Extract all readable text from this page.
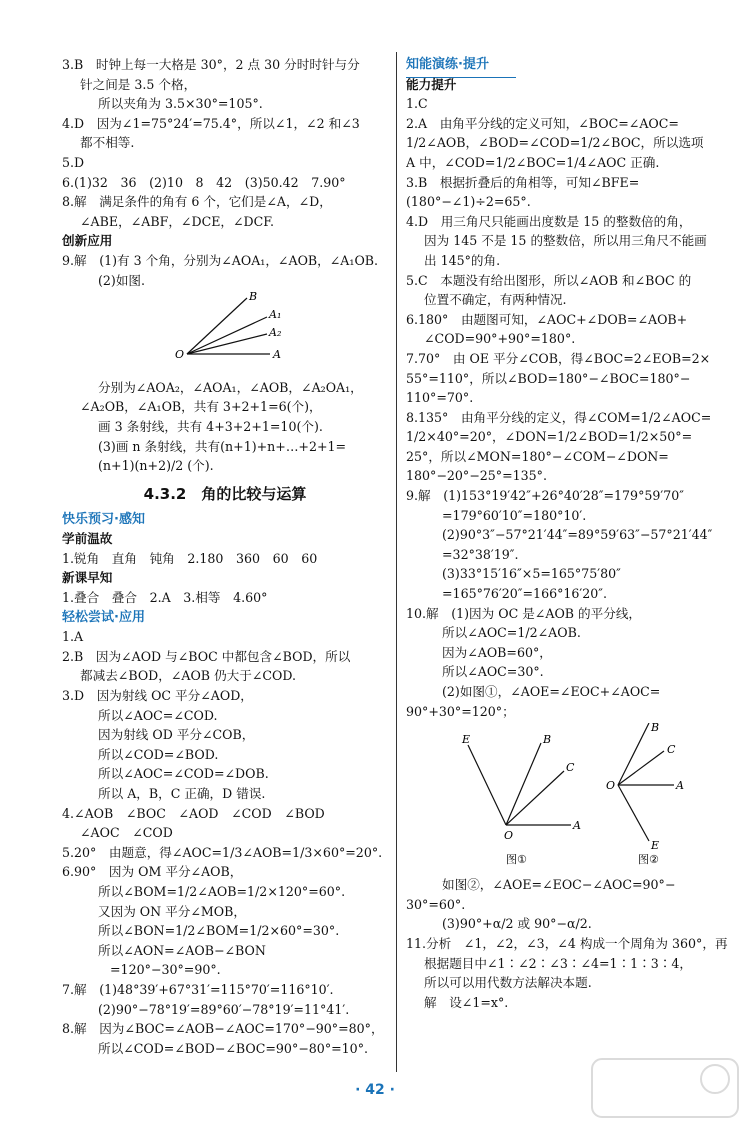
3.B　时钟上每一大格是 30°，2 点 30 分时时针与分
针之间是 3.5 个格，
所以夹角为 3.5×30°=105°.
4.D　因为∠1=75°24′=75.4°，所以∠1，∠2 和∠3
都不相等.
5.D
6.(1)32　36　(2)10　8　42　(3)50.42　7.90°
8.解　满足条件的角有 6 个，它们是∠A，∠D，
∠ABE，∠ABF，∠DCE，∠DCF.
创新应用
9.解　(1)有 3 个角，分别为∠AOA₁，∠AOB，∠A₁OB.
(2)如图.
B
A₁
A₂
A
O
分别为∠AOA₂，∠AOA₁，∠AOB，∠A₂OA₁，
∠A₂OB，∠A₁OB，共有 3+2+1=6(个)，
画 3 条射线，共有 4+3+2+1=10(个).
(3)画 n 条射线，共有(n+1)+n+…+2+1=
(n+1)(n+2)/2 (个).
4.3.2　角的比较与运算
快乐预习·感知
学前温故
1.锐角　直角　钝角　2.180　360　60　60
新课早知
1.叠合　叠合　2.A　3.相等　4.60°
轻松尝试·应用
1.A
2.B　因为∠AOD 与∠BOC 中都包含∠BOD，所以
都减去∠BOD，∠AOB 仍大于∠COD.
3.D　因为射线 OC 平分∠AOD，
所以∠AOC=∠COD.
因为射线 OD 平分∠COB，
所以∠COD=∠BOD.
所以∠AOC=∠COD=∠DOB.
所以 A，B，C 正确，D 错误.
4.∠AOB　∠BOC　∠AOD　∠COD　∠BOD
∠AOC　∠COD
5.20°　由题意，得∠AOC=1/3∠AOB=1/3×60°=20°.
6.90°　因为 OM 平分∠AOB，
所以∠BOM=1/2∠AOB=1/2×120°=60°.
又因为 ON 平分∠MOB，
所以∠BON=1/2∠BOM=1/2×60°=30°.
所以∠AON=∠AOB−∠BON
=120°−30°=90°.
7.解　(1)48°39′+67°31′=115°70′=116°10′.
(2)90°−78°19′=89°60′−78°19′=11°41′.
8.解　因为∠BOC=∠AOB−∠AOC=170°−90°=80°，
所以∠COD=∠BOD−∠BOC=90°−80°=10°.
知能演练·提升
能力提升
1.C
2.A　由角平分线的定义可知，∠BOC=∠AOC=
1/2∠AOB，∠BOD=∠COD=1/2∠BOC，所以选项
A 中，∠COD=1/2∠BOC=1/4∠AOC 正确.
3.B　根据折叠后的角相等，可知∠BFE=
(180°−∠1)÷2=65°.
4.D　用三角尺只能画出度数是 15 的整数倍的角，
因为 145 不是 15 的整数倍，所以用三角尺不能画
出 145°的角.
5.C　本题没有给出图形，所以∠AOB 和∠BOC 的
位置不确定，有两种情况.
6.180°　由题图可知，∠AOC+∠DOB=∠AOB+
∠COD=90°+90°=180°.
7.70°　由 OE 平分∠COB，得∠BOC=2∠EOB=2×
55°=110°，所以∠BOD=180°−∠BOC=180°−
110°=70°.
8.135°　由角平分线的定义，得∠COM=1/2∠AOC=
1/2×40°=20°，∠DON=1/2∠BOD=1/2×50°=
25°，所以∠MON=180°−∠COM−∠DON=
180°−20°−25°=135°.
9.解　(1)153°19′42″+26°40′28″=179°59′70″
=179°60′10″=180°10′.
(2)90°3″−57°21′44″=89°59′63″−57°21′44″
=32°38′19″.
(3)33°15′16″×5=165°75′80″
=165°76′20″=166°16′20″.
10.解　(1)因为 OC 是∠AOB 的平分线，
所以∠AOC=1/2∠AOB.
因为∠AOB=60°，
所以∠AOC=30°.
(2)如图①，∠AOE=∠EOC+∠AOC=
90°+30°=120°；
E	B
C
A
O
图①
B
C
A
E
O
图②
如图②，∠AOE=∠EOC−∠AOC=90°−
30°=60°.
(3)90°+α/2 或 90°−α/2.
11.分析　∠1，∠2，∠3，∠4 构成一个周角为 360°，再
根据题目中∠1∶∠2∶∠3∶∠4=1∶1∶3∶4，
所以可以用代数方法解决本题.
解　设∠1=x°.
· 42 ·
